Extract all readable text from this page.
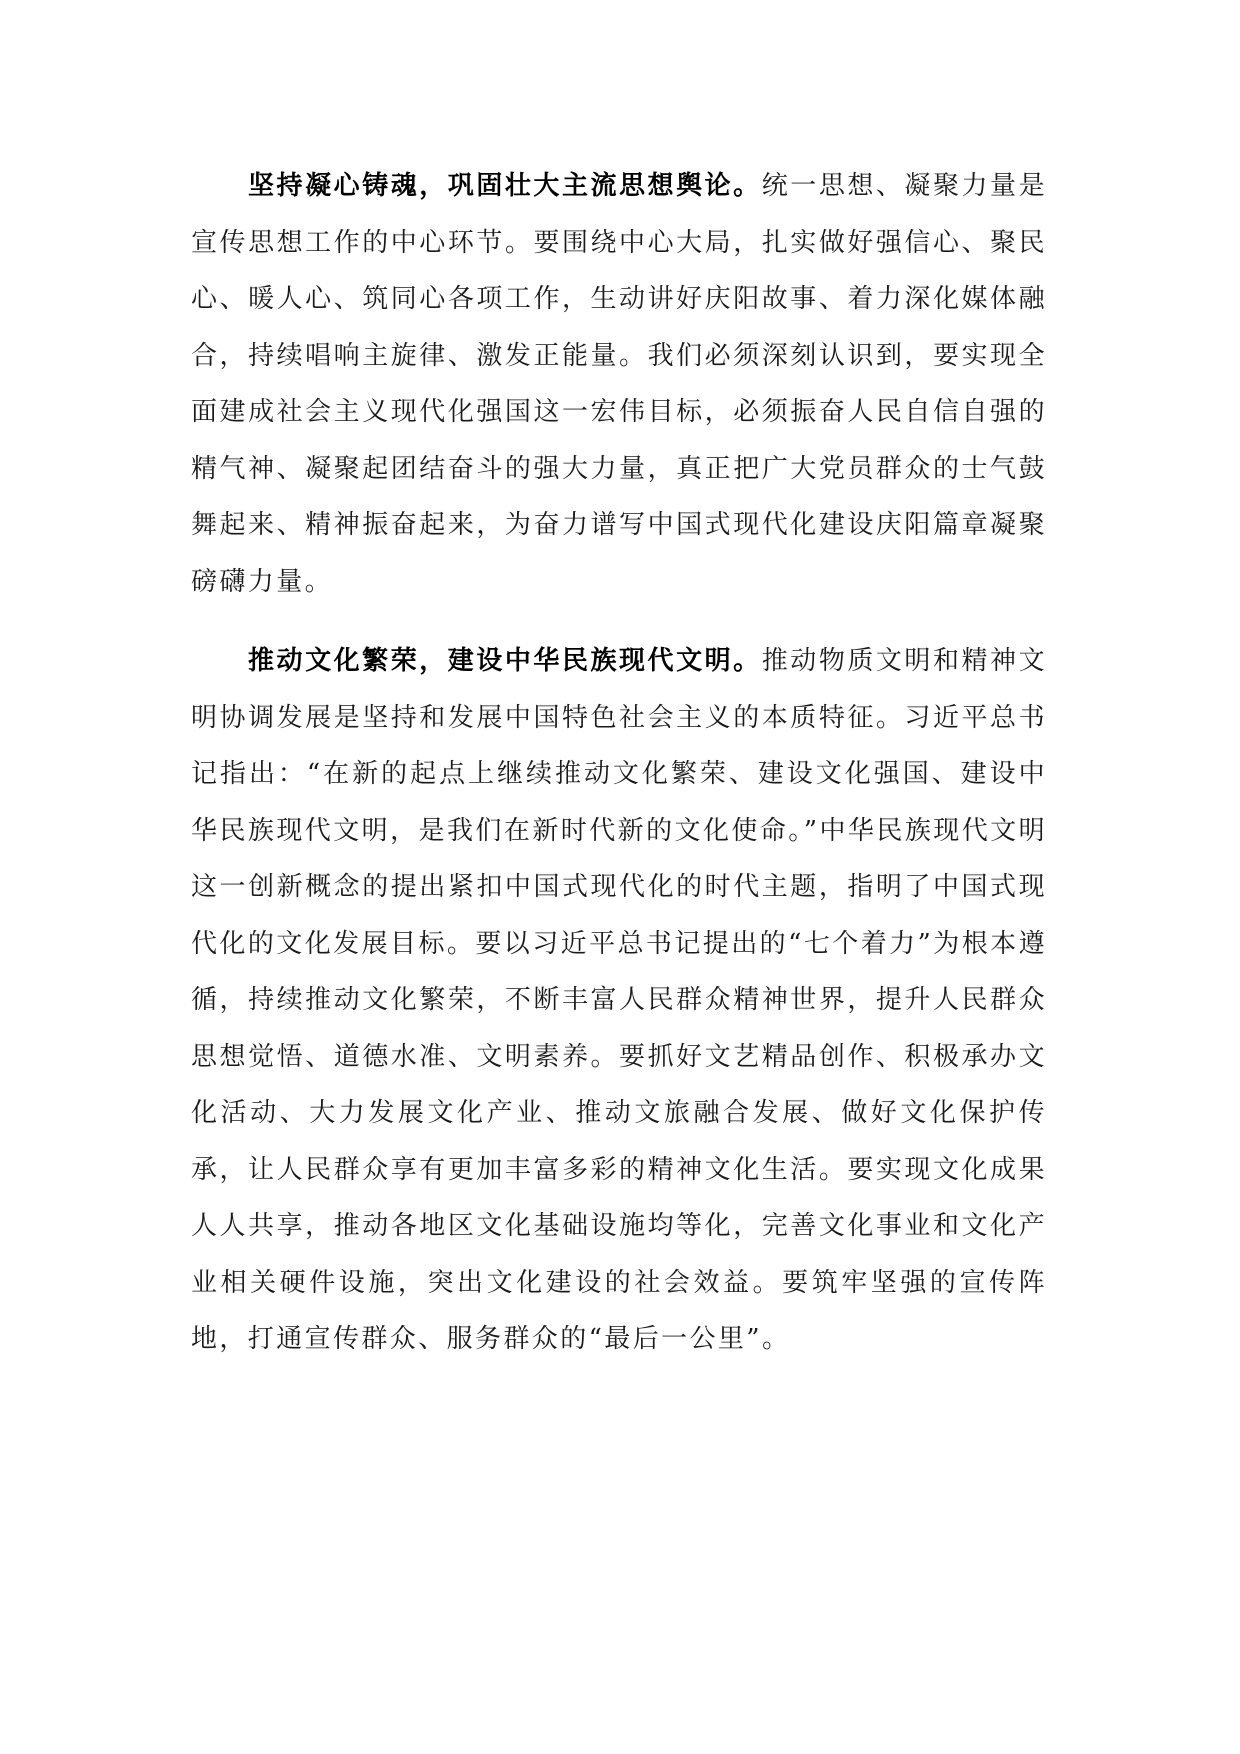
坚持凝心铸魂，巩固壮大主流思想舆论。统一思想、凝聚力量是宣传思想工作的中心环节。要围绕中心大局，扎实做好强信心、聚民心、暖人心、筑同心各项工作，生动讲好庆阳故事、着力深化媒体融合，持续唱响主旋律、激发正能量。我们必须深刻认识到，要实现全面建成社会主义现代化强国这一宏伟目标，必须振奋人民自信自强的精气神、凝聚起团结奋斗的强大力量，真正把广大党员群众的士气鼓舞起来、精神振奋起来，为奋力谱写中国式现代化建设庆阳篇章凝聚磅礴力量。

推动文化繁荣，建设中华民族现代文明。推动物质文明和精神文明协调发展是坚持和发展中国特色社会主义的本质特征。习近平总书记指出：“在新的起点上继续推动文化繁荣、建设文化强国、建设中华民族现代文明，是我们在新时代新的文化使命。”中华民族现代文明这一创新概念的提出紧扣中国式现代化的时代主题，指明了中国式现代化的文化发展目标。要以习近平总书记提出的“七个着力”为根本遵循，持续推动文化繁荣，不断丰富人民群众精神世界，提升人民群众思想觉悟、道德水准、文明素养。要抓好文艺精品创作、积极承办文化活动、大力发展文化产业、推动文旅融合发展、做好文化保护传承，让人民群众享有更加丰富多彩的精神文化生活。要实现文化成果人人共享，推动各地区文化基础设施均等化，完善文化事业和文化产业相关硬件设施，突出文化建设的社会效益。要筑牢坚强的宣传阵地，打通宣传群众、服务群众的“最后一公里”。
